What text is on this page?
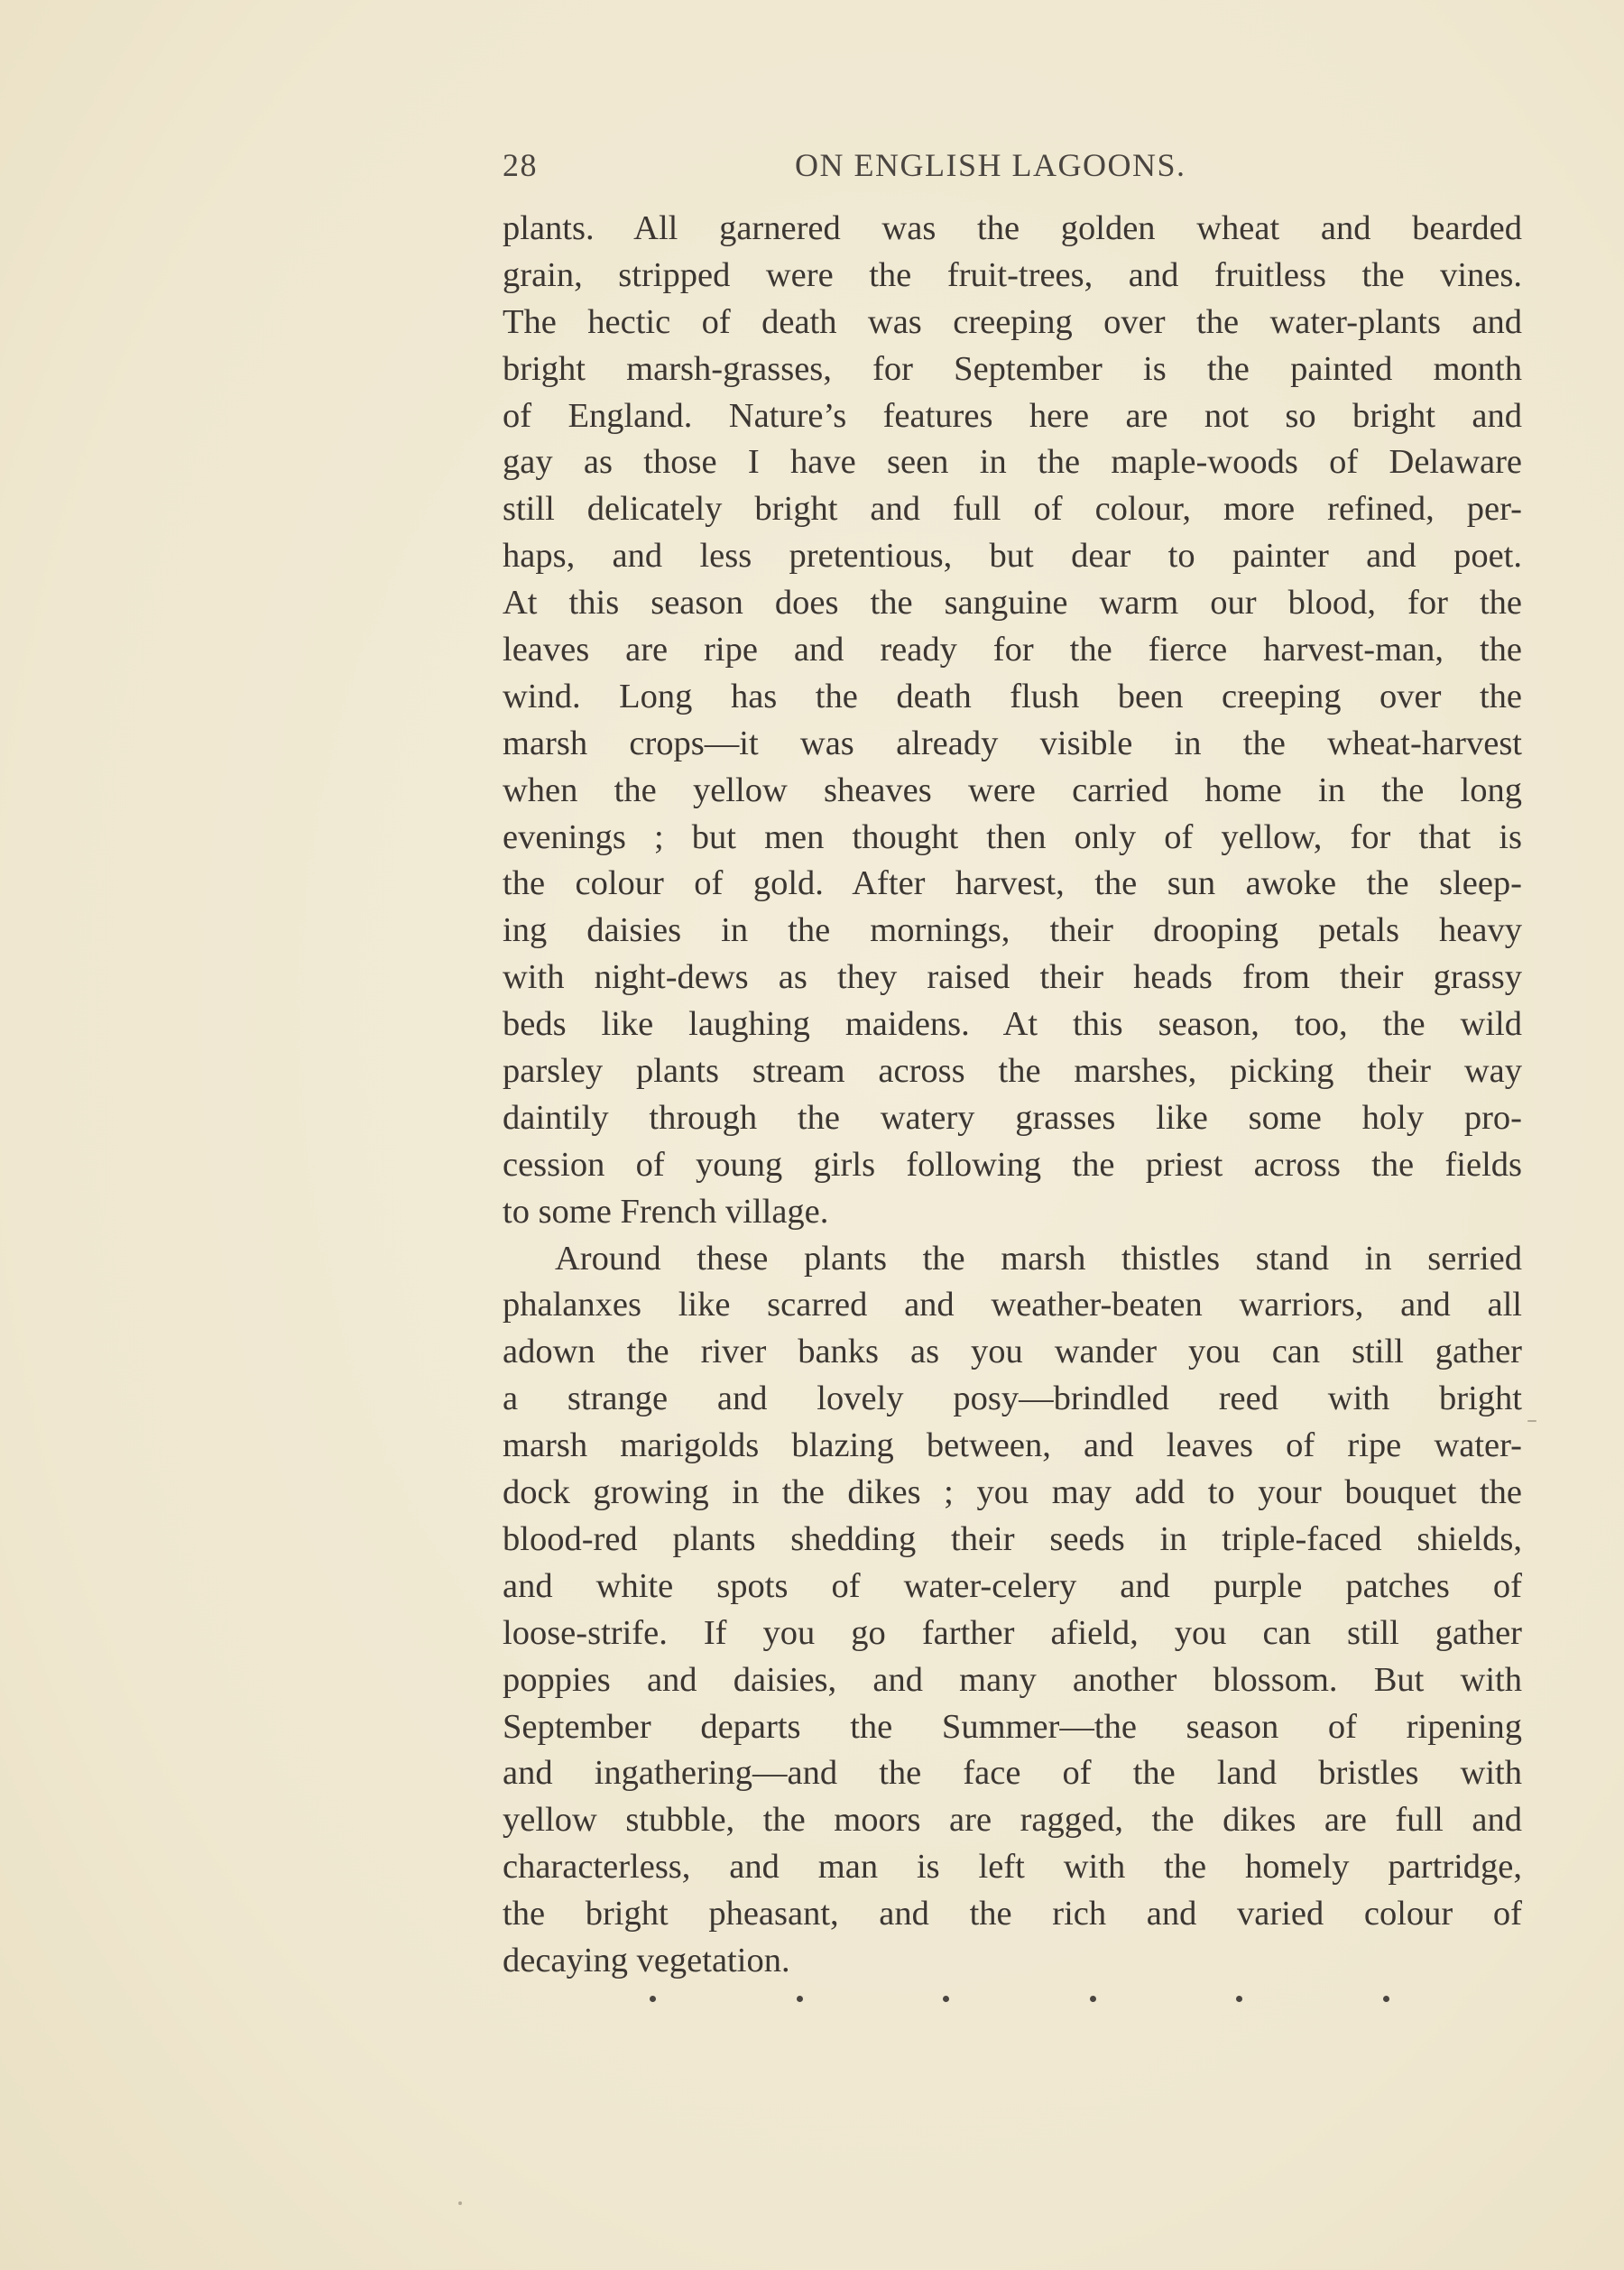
28	ON ENGLISH LAGOONS.
plants. All garnered was the golden wheat and bearded
grain, stripped were the fruit-trees, and fruitless the vines.
The hectic of death was creeping over the water-plants and
bright marsh-grasses, for September is the painted month
of England. Nature’s features here are not so bright and
gay as those I have seen in the maple-woods of Delaware
still delicately bright and full of colour, more refined, per-
haps, and less pretentious, but dear to painter and poet.
At this season does the sanguine warm our blood, for the
leaves are ripe and ready for the fierce harvest-man, the
wind. Long has the death flush been creeping over the
marsh crops—it was already visible in the wheat-harvest
when the yellow sheaves were carried home in the long
evenings ; but men thought then only of yellow, for that is
the colour of gold. After harvest, the sun awoke the sleep-
ing daisies in the mornings, their drooping petals heavy
with night-dews as they raised their heads from their grassy
beds like laughing maidens. At this season, too, the wild
parsley plants stream across the marshes, picking their way
daintily through the watery grasses like some holy pro-
cession of young girls following the priest across the fields
to some French village.
Around these plants the marsh thistles stand in serried
phalanxes like scarred and weather-beaten warriors, and all
adown the river banks as you wander you can still gather
a strange and lovely posy—brindled reed with bright
marsh marigolds blazing between, and leaves of ripe water-
dock growing in the dikes ; you may add to your bouquet the
blood-red plants shedding their seeds in triple-faced shields,
and white spots of water-celery and purple patches of
loose-strife. If you go farther afield, you can still gather
poppies and daisies, and many another blossom. But with
September departs the Summer—the season of ripening
and ingathering—and the face of the land bristles with
yellow stubble, the moors are ragged, the dikes are full and
characterless, and man is left with the homely partridge,
the bright pheasant, and the rich and varied colour of
decaying vegetation.
